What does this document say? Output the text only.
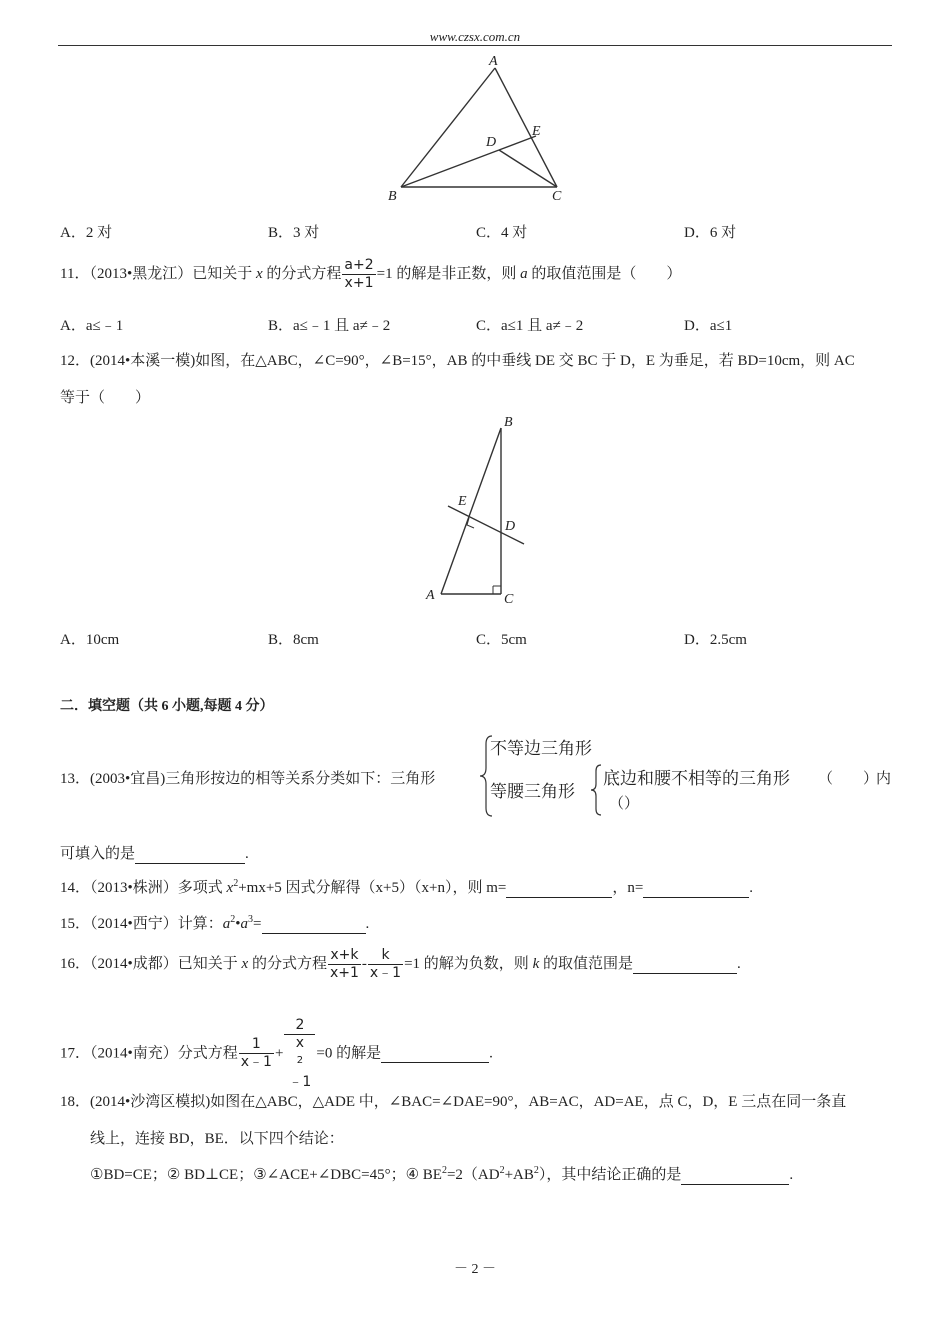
www.czsx.com.cn
A
B	C
D
E
A．2 对	B．3 对	C．4 对	D．6 对
11．（2013•黑龙江）已知关于 x 的分式方程 $\frac{a+2}{x+1} =1$ 的解是非正数，则 a 的取值范围是（　　）
A．a≤﹣1	B．a≤﹣1 且 a≠﹣2	C．a≤1 且 a≠﹣2	D．a≤1
12．(2014•本溪一模)如图，在△ABC，∠C=90°，∠B=15°，AB 的中垂线 DE 交 BC 于 D，E 为垂足，若 BD=10cm，则 AC
等于（　　）
B
E
D
A	C
A．10cm	B．8cm	C．5cm	D．2.5cm
二．填空题（共 6 小题,每题 4 分）
13．(2003•宜昌)三角形按边的相等关系分类如下：三角形
不等边三角形
等腰三角形
底边和腰不相等的三角形 （　　）
内
（）
可填入的是	.
14．（2013•株洲）多项式 $x^2+mx+5$ 因式分解得（x+5）（x+n），则 m=	，n=	.
15．（2014•西宁）计算：$a^2•a^3=$	.
16．（2014•成都）已知关于 x 的分式方程 $\frac{x+k}{x+1} - \frac{k}{x﹣1} =1$ 的解为负数，则 k 的取值范围是	.
17．（2014•南充）分式方程 $\frac{1}{x﹣1} + 2$
x
$^2$
﹣1 =0 的解是	.
18．(2014•沙湾区模拟)如图在△ABC，△ADE 中，∠BAC=∠DAE=90°，AB=AC，AD=AE，点 C，D，E 三点在同一条直
线上，连接 BD，BE．以下四个结论：
①BD=CE；② BD⊥CE；③∠ACE+∠DBC=45°；④ $BE^2=2(AD^2+AB^2)$，其中结论正确的是	.
－ 2 －
